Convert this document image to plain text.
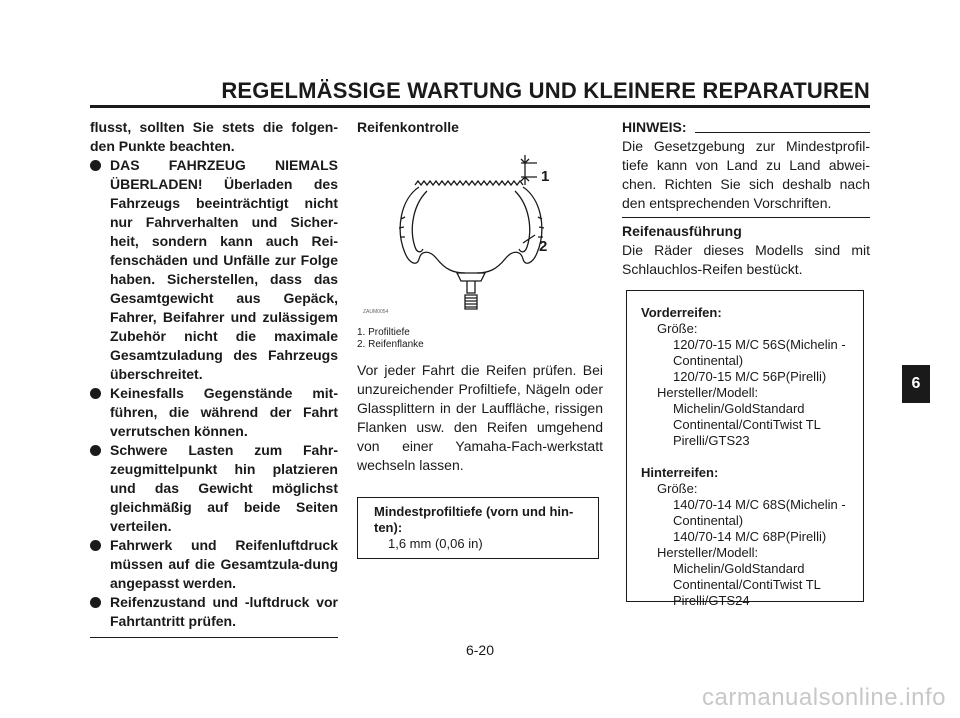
REGELMÄSSIGE WARTUNG UND KLEINERE REPARATUREN

flusst, sollten Sie stets die folgen-den Punkte beachten.

DAS FAHRZEUG NIEMALS ÜBERLADEN! Überladen des Fahrzeugs beeinträchtigt nicht nur Fahrverhalten und Sicher-heit, sondern kann auch Rei-fenschäden und Unfälle zur Folge haben. Sicherstellen, dass das Gesamtgewicht aus Gepäck, Fahrer, Beifahrer und zulässigem Zubehör nicht die maximale Gesamtzuladung des Fahrzeugs überschreitet.
Keinesfalls Gegenstände mit-führen, die während der Fahrt verrutschen können.
Schwere Lasten zum Fahr-zeugmittelpunkt hin platzieren und das Gewicht möglichst gleichmäßig auf beide Seiten verteilen.
Fahrwerk und Reifenluftdruck müssen auf die Gesamtzula-dung angepasst werden.
Reifenzustand und -luftdruck vor Fahrtantritt prüfen.

Reifenkontrolle

1
2
ZAUM0054
1. Profiltiefe
2. Reifenflanke

Vor jeder Fahrt die Reifen prüfen. Bei unzureichender Profiltiefe, Nägeln oder Glassplittern in der Lauffläche, rissigen Flanken usw. den Reifen umgehend von einer Yamaha-Fach-werkstatt wechseln lassen.

Mindestprofiltiefe (vorn und hin-ten):
1,6 mm (0,06 in)
HINWEIS:

Die Gesetzgebung zur Mindestprofil-tiefe kann von Land zu Land abwei-chen. Richten Sie sich deshalb nach den entsprechenden Vorschriften.

Reifenausführung

Die Räder dieses Modells sind mit Schlauchlos-Reifen bestückt.

Vorderreifen:
Größe:
120/70-15 M/C 56S(Michelin - Continental)
120/70-15 M/C 56P(Pirelli)
Hersteller/Modell:
Michelin/GoldStandard
Continental/ContiTwist TL
Pirelli/GTS23
Hinterreifen:
Größe:
140/70-14 M/C 68S(Michelin - Continental)
140/70-14 M/C 68P(Pirelli)
Hersteller/Modell:
Michelin/GoldStandard
Continental/ContiTwist TL
Pirelli/GTS24
6
6-20
carmanualsonline.info
